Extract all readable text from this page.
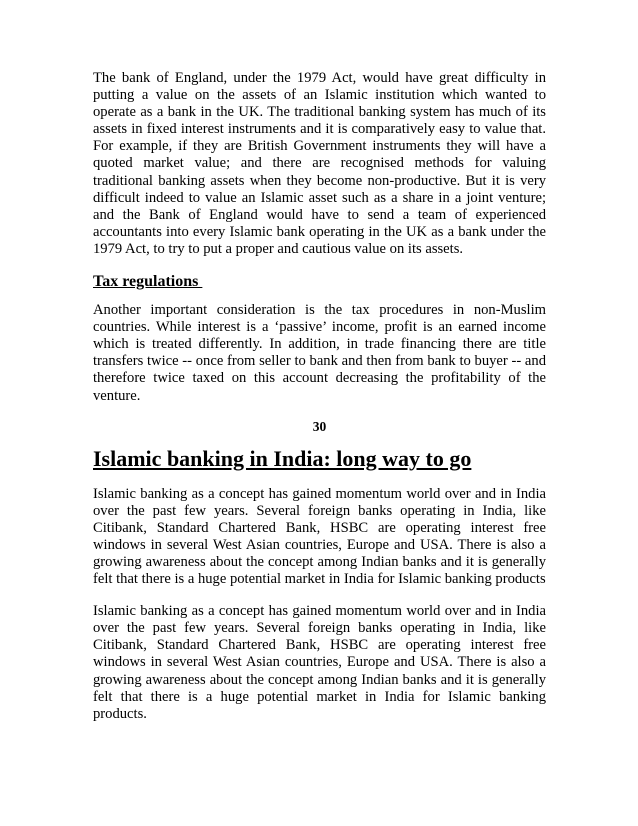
The bank of England, under the 1979 Act, would have great difficulty in putting a value on the assets of an Islamic institution which wanted to operate as a bank in the UK. The traditional banking system has much of its assets in fixed interest instruments and it is comparatively easy to value that. For example, if they are British Government instruments they will have a quoted market value; and there are recognised methods for valuing traditional banking assets when they become non-productive. But it is very difficult indeed to value an Islamic asset such as a share in a joint venture; and the Bank of England would have to send a team of experienced accountants into every Islamic bank operating in the UK as a bank under the 1979 Act, to try to put a proper and cautious value on its assets.

Tax regulations

Another important consideration is the tax procedures in non-Muslim countries. While interest is a ‘passive’ income, profit is an earned income which is treated differently. In addition, in trade financing there are title transfers twice -- once from seller to bank and then from bank to buyer -- and therefore twice taxed on this account decreasing the profitability of the venture.

30
Islamic banking in India: long way to go

Islamic banking as a concept has gained momentum world over and in India over the past few years. Several foreign banks operating in India, like Citibank, Standard Chartered Bank, HSBC are operating interest free windows in several West Asian countries, Europe and USA. There is also a growing awareness about the concept among Indian banks and it is generally felt that there is a huge potential market in India for Islamic banking products

Islamic banking as a concept has gained momentum world over and in India over the past few years. Several foreign banks operating in India, like Citibank, Standard Chartered Bank, HSBC are operating interest free windows in several West Asian countries, Europe and USA. There is also a growing awareness about the concept among Indian banks and it is generally felt that there is a huge potential market in India for Islamic banking products.
